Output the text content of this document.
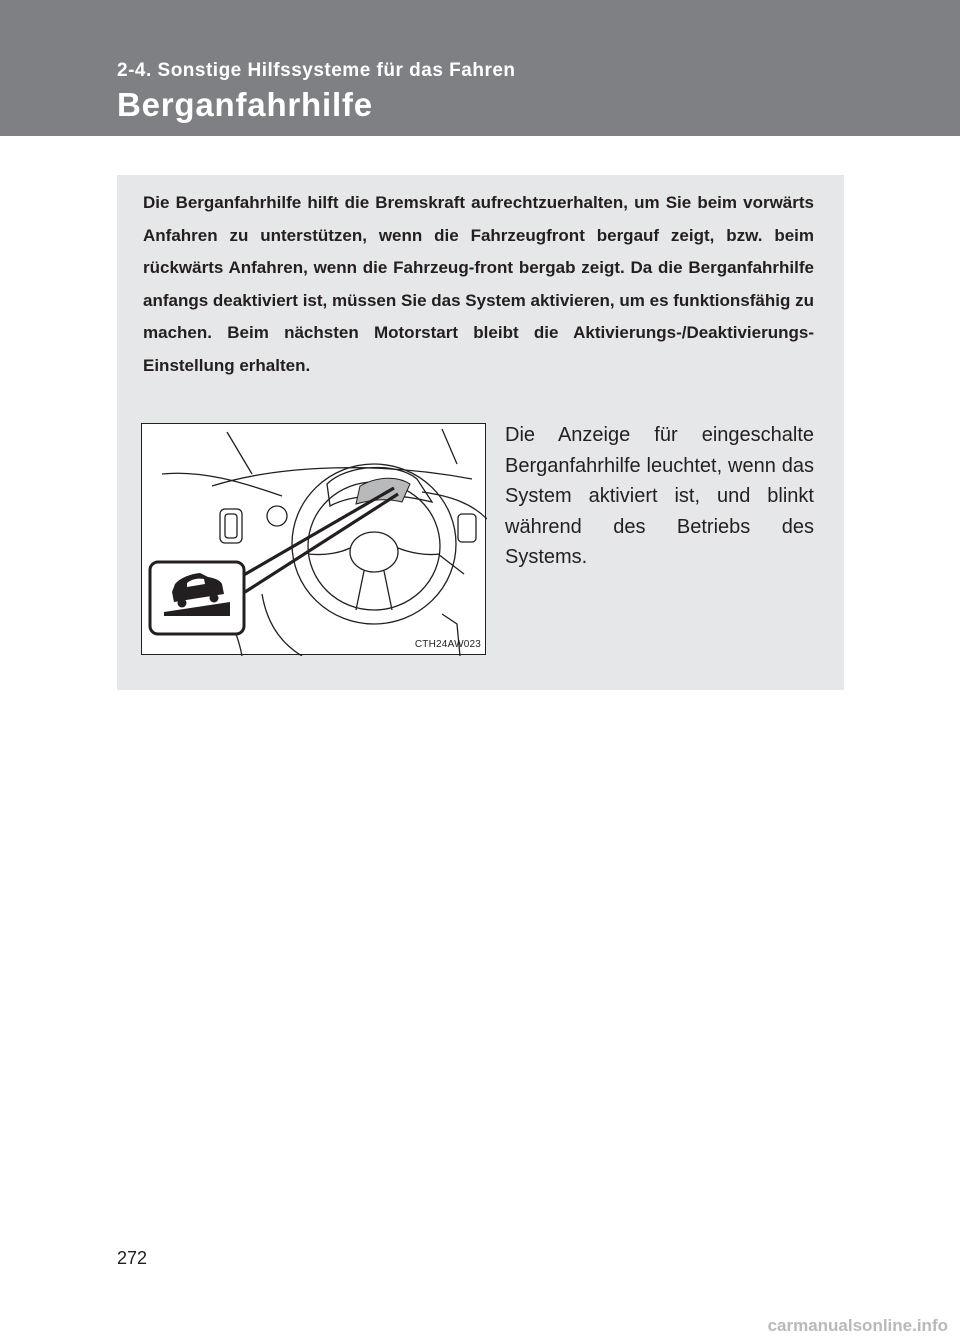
2-4. Sonstige Hilfssysteme für das Fahren
Berganfahrhilfe
Die Berganfahrhilfe hilft die Bremskraft aufrechtzuerhalten, um Sie beim vorwärts Anfahren zu unterstützen, wenn die Fahrzeugfront bergauf zeigt, bzw. beim rückwärts Anfahren, wenn die Fahrzeug-front bergab zeigt. Da die Berganfahrhilfe anfangs deaktiviert ist, müssen Sie das System aktivieren, um es funktionsfähig zu machen. Beim nächsten Motorstart bleibt die Aktivierungs-/Deaktivierungs-Einstellung erhalten.
CTH24AW023
Die Anzeige für eingeschalte Berganfahrhilfe leuchtet, wenn das System aktiviert ist, und blinkt während des Betriebs des Systems.
272
carmanualsonline.info
